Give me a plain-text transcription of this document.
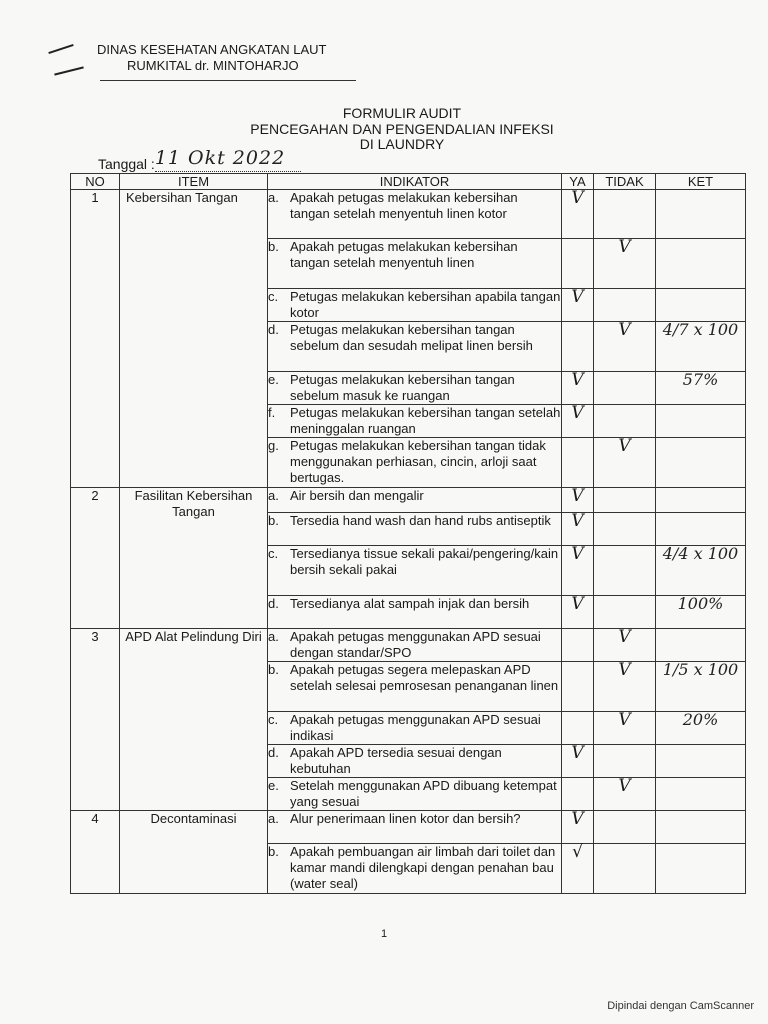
DINAS KESEHATAN ANGKATAN LAUT
RUMKITAL dr. MINTOHARJO
FORMULIR AUDIT
PENCEGAHAN DAN PENGENDALIAN INFEKSI
DI LAUNDRY
Tanggal : 11 Okt 2022
NO	ITEM	INDIKATOR	YA	TIDAK	KET
1	Kebersihan Tangan	a. Apakah petugas melakukan kebersihan tangan setelah menyentuh linen kotor	V		

		b. Apakah petugas melakukan kebersihan tangan setelah menyentuh linen		V	

		c. Petugas melakukan kebersihan apabila tangan kotor	V		

		d. Petugas melakukan kebersihan tangan sebelum dan sesudah melipat linen bersih		V	4/7 x 100

		e. Petugas melakukan kebersihan tangan sebelum masuk ke ruangan	V		57%

		f. Petugas melakukan kebersihan tangan setelah meninggalan ruangan	V		

		g. Petugas melakukan kebersihan tangan tidak menggunakan perhiasan, cincin, arloji saat bertugas.		V	
2	Fasilitan Kebersihan Tangan	a. Air bersih dan mengalir	V		

		b. Tersedia hand wash dan hand rubs antiseptik	V		

		c. Tersedianya tissue sekali pakai/pengering/kain bersih sekali pakai	V		4/4 x 100

		d. Tersedianya alat sampah injak dan bersih	V		100%
3	APD Alat Pelindung Diri	a. Apakah petugas menggunakan APD sesuai dengan standar/SPO		V	

		b. Apakah petugas segera melepaskan APD setelah selesai pemrosesan penanganan linen		V	1/5 x 100

		c. Apakah petugas menggunakan APD sesuai indikasi		V	20%

		d. Apakah APD tersedia sesuai dengan kebutuhan	V		

		e. Setelah menggunakan APD dibuang ketempat yang sesuai		V	
4	Decontaminasi	a. Alur penerimaan linen kotor dan bersih?	V		

		b. Apakah pembuangan air limbah dari toilet dan kamar mandi dilengkapi dengan penahan bau (water seal)	√		
1
Dipindai dengan CamScanner
